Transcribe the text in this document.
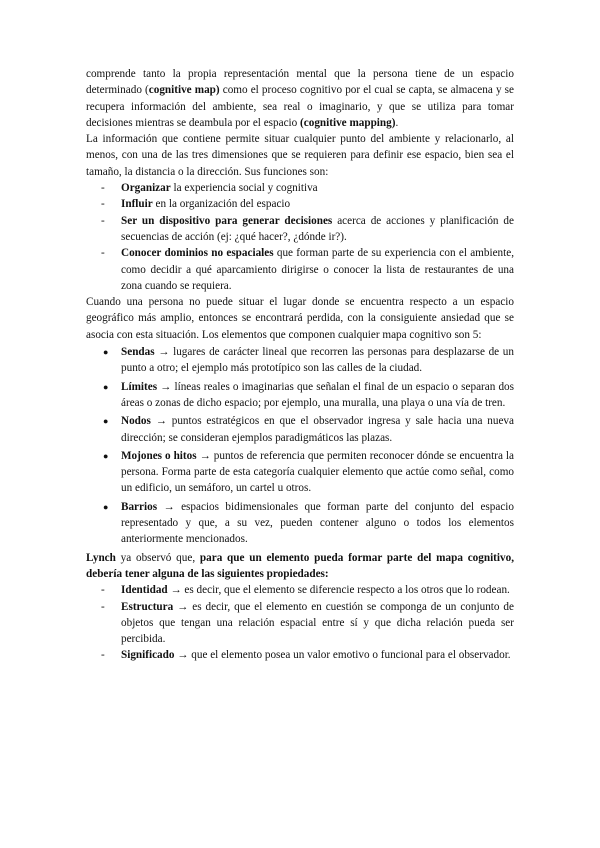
comprende tanto la propia representación mental que la persona tiene de un espacio determinado (cognitive map) como el proceso cognitivo por el cual se capta, se almacena y se recupera información del ambiente, sea real o imaginario, y que se utiliza para tomar decisiones mientras se deambula por el espacio (cognitive mapping).

La información que contiene permite situar cualquier punto del ambiente y relacionarlo, al menos, con una de las tres dimensiones que se requieren para definir ese espacio, bien sea el tamaño, la distancia o la dirección. Sus funciones son:

- Organizar la experiencia social y cognitiva
- Influir en la organización del espacio
- Ser un dispositivo para generar decisiones acerca de acciones y planificación de secuencias de acción (ej: ¿qué hacer?, ¿dónde ir?).
- Conocer dominios no espaciales que forman parte de su experiencia con el ambiente, como decidir a qué aparcamiento dirigirse o conocer la lista de restaurantes de una zona cuando se requiera.

Cuando una persona no puede situar el lugar donde se encuentra respecto a un espacio geográfico más amplio, entonces se encontrará perdida, con la consiguiente ansiedad que se asocia con esta situación. Los elementos que componen cualquier mapa cognitivo son 5:

● Sendas → lugares de carácter lineal que recorren las personas para desplazarse de un punto a otro; el ejemplo más prototípico son las calles de la ciudad.
● Límites → líneas reales o imaginarias que señalan el final de un espacio o separan dos áreas o zonas de dicho espacio; por ejemplo, una muralla, una playa o una vía de tren.
● Nodos → puntos estratégicos en que el observador ingresa y sale hacia una nueva dirección; se consideran ejemplos paradigmáticos las plazas.
● Mojones o hitos → puntos de referencia que permiten reconocer dónde se encuentra la persona. Forma parte de esta categoría cualquier elemento que actúe como señal, como un edificio, un semáforo, un cartel u otros.
● Barrios → espacios bidimensionales que forman parte del conjunto del espacio representado y que, a su vez, pueden contener alguno o todos los elementos anteriormente mencionados.

Lynch ya observó que, para que un elemento pueda formar parte del mapa cognitivo, debería tener alguna de las siguientes propiedades:

- Identidad → es decir, que el elemento se diferencie respecto a los otros que lo rodean.
- Estructura → es decir, que el elemento en cuestión se componga de un conjunto de objetos que tengan una relación espacial entre sí y que dicha relación pueda ser percibida.
- Significado → que el elemento posea un valor emotivo o funcional para el observador.
